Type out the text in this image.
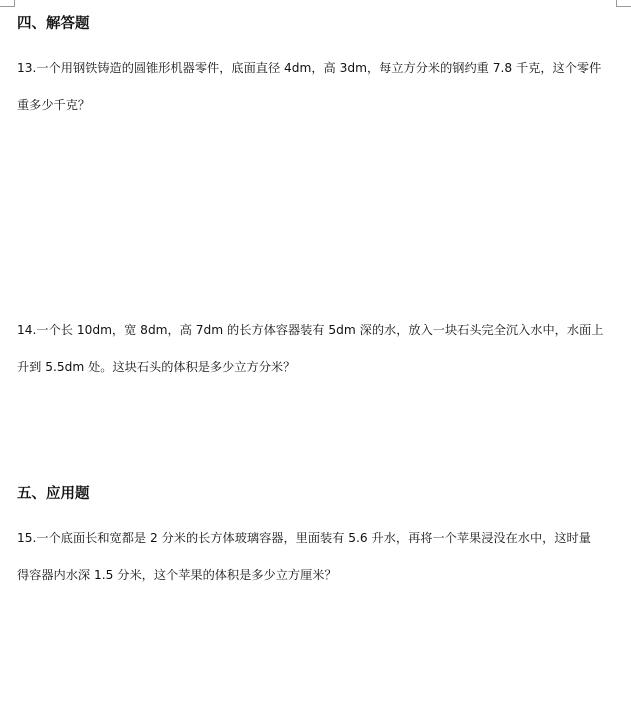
四、解答题
13.一个用钢铁铸造的圆锥形机器零件，底面直径 4dm，高 3dm，每立方分米的钢约重 7.8 千克，这个零件
重多少千克？
14.一个长 10dm，宽 8dm，高 7dm 的长方体容器装有 5dm 深的水，放入一块石头完全沉入水中，水面上
升到 5.5dm 处。这块石头的体积是多少立方分米？
五、应用题
15.一个底面长和宽都是 2 分米的长方体玻璃容器，里面装有 5.6 升水，再将一个苹果浸没在水中，这时量
得容器内水深 1.5 分米，这个苹果的体积是多少立方厘米？
